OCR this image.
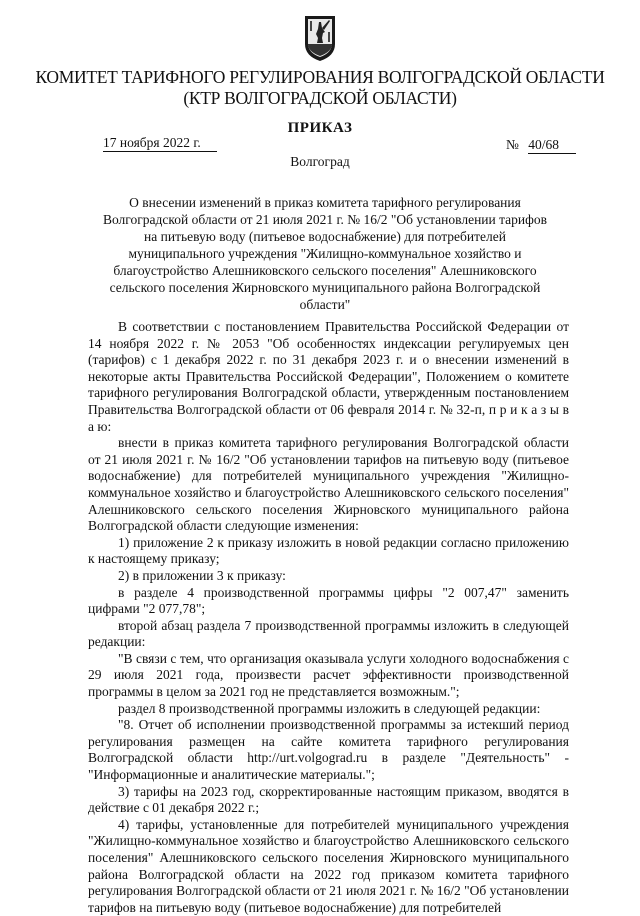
КОМИТЕТ ТАРИФНОГО РЕГУЛИРОВАНИЯ ВОЛГОГРАДСКОЙ ОБЛАСТИ
(КТР ВОЛГОГРАДСКОЙ ОБЛАСТИ)
ПРИКАЗ
17 ноября 2022 г.	№ 40/68
Волгоград
О внесении изменений в приказ комитета тарифного регулирования Волгоградской области от 21 июля 2021 г. № 16/2 "Об установлении тарифов на питьевую воду (питьевое водоснабжение) для потребителей муниципального учреждения "Жилищно-коммунальное хозяйство и благоустройство Алешниковского сельского поселения" Алешниковского сельского поселения Жирновского муниципального района Волгоградской области"

В соответствии с постановлением Правительства Российской Федерации от 14 ноября 2022 г. № 2053 "Об особенностях индексации регулируемых цен (тарифов) с 1 декабря 2022 г. по 31 декабря 2023 г. и о внесении изменений в некоторые акты Правительства Российской Федерации", Положением о комитете тарифного регулирования Волгоградской области, утвержденным постановлением Правительства Волгоградской области от 06 февраля 2014 г. № 32-п, п р и к а з ы в а ю:

внести в приказ комитета тарифного регулирования Волгоградской области от 21 июля 2021 г. № 16/2 "Об установлении тарифов на питьевую воду (питьевое водоснабжение) для потребителей муниципального учреждения "Жилищно-коммунальное хозяйство и благоустройство Алешниковского сельского поселения" Алешниковского сельского поселения Жирновского муниципального района Волгоградской области следующие изменения:

1) приложение 2 к приказу изложить в новой редакции согласно приложению к настоящему приказу;

2) в приложении 3 к приказу:

в разделе 4 производственной программы цифры "2 007,47" заменить цифрами "2 077,78";

второй абзац раздела 7 производственной программы изложить в следующей редакции:

"В связи с тем, что организация оказывала услуги холодного водоснабжения с 29 июля 2021 года, произвести расчет эффективности производственной программы в целом за 2021 год не представляется возможным.";

раздел 8 производственной программы изложить в следующей редакции:

"8. Отчет об исполнении производственной программы за истекший период регулирования размещен на сайте комитета тарифного регулирования Волгоградской области http://urt.volgograd.ru в разделе "Деятельность" - "Информационные и аналитические материалы.";

3) тарифы на 2023 год, скорректированные настоящим приказом, вводятся в действие с 01 декабря 2022 г.;

4) тарифы, установленные для потребителей муниципального учреждения "Жилищно-коммунальное хозяйство и благоустройство Алешниковского сельского поселения" Алешниковского сельского поселения Жирновского муниципального района Волгоградской области на 2022 год приказом комитета тарифного регулирования Волгоградской области от 21 июля 2021 г. № 16/2 "Об установлении тарифов на питьевую воду (питьевое водоснабжение) для потребителей
